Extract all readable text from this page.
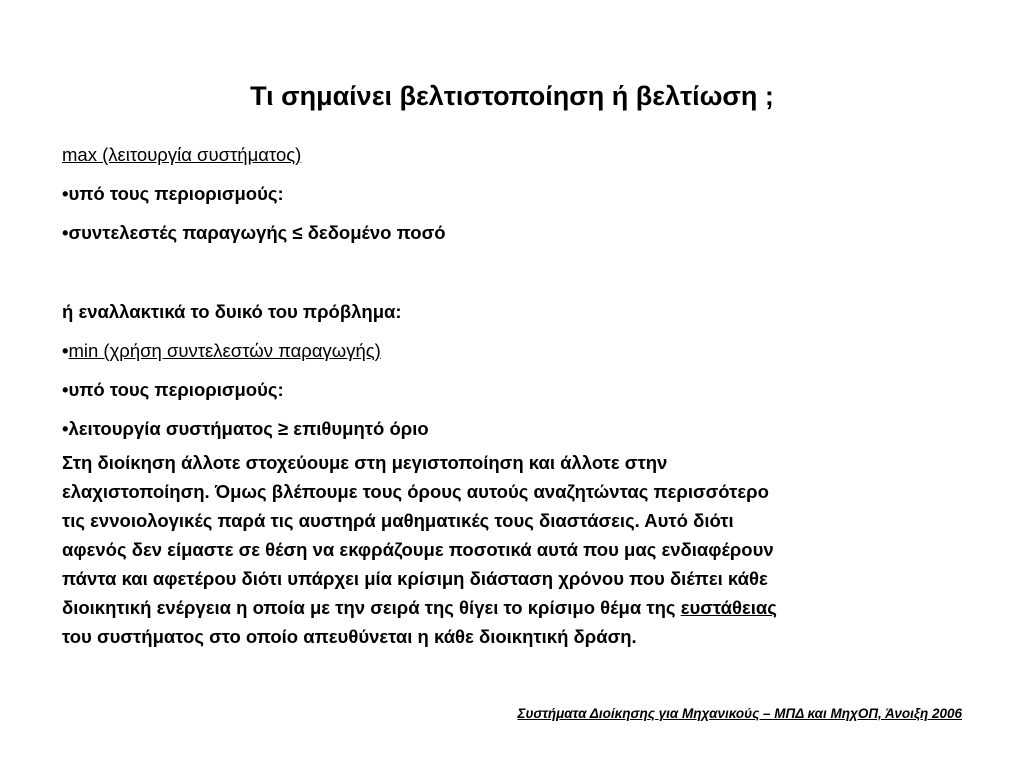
Τι σημαίνει βελτιστοποίηση ή βελτίωση ;
max (λειτουργία συστήματος)
•υπό τους περιορισμούς:
•συντελεστές παραγωγής ≤ δεδομένο ποσό
ή εναλλακτικά το δυικό του πρόβλημα:
•min (χρήση συντελεστών παραγωγής)
•υπό τους περιορισμούς:
•λειτουργία συστήματος ≥ επιθυμητό όριο

Στη διοίκηση άλλοτε στοχεύουμε στη μεγιστοποίηση και άλλοτε στην
ελαχιστοποίηση. Όμως βλέπουμε τους όρους αυτούς αναζητώντας περισσότερο
τις εννοιολογικές παρά τις αυστηρά μαθηματικές τους διαστάσεις. Αυτό διότι
αφενός δεν είμαστε σε θέση να εκφράζουμε ποσοτικά αυτά που μας ενδιαφέρουν
πάντα και αφετέρου διότι υπάρχει μία κρίσιμη διάσταση χρόνου που διέπει κάθε
διοικητική ενέργεια η οποία με την σειρά της θίγει το κρίσιμο θέμα της ευστάθειας
του συστήματος στο οποίο απευθύνεται η κάθε διοικητική δράση.

Συστήματα Διοίκησης για Μηχανικούς – ΜΠΔ και ΜηχΟΠ, Άνοιξη 2006
